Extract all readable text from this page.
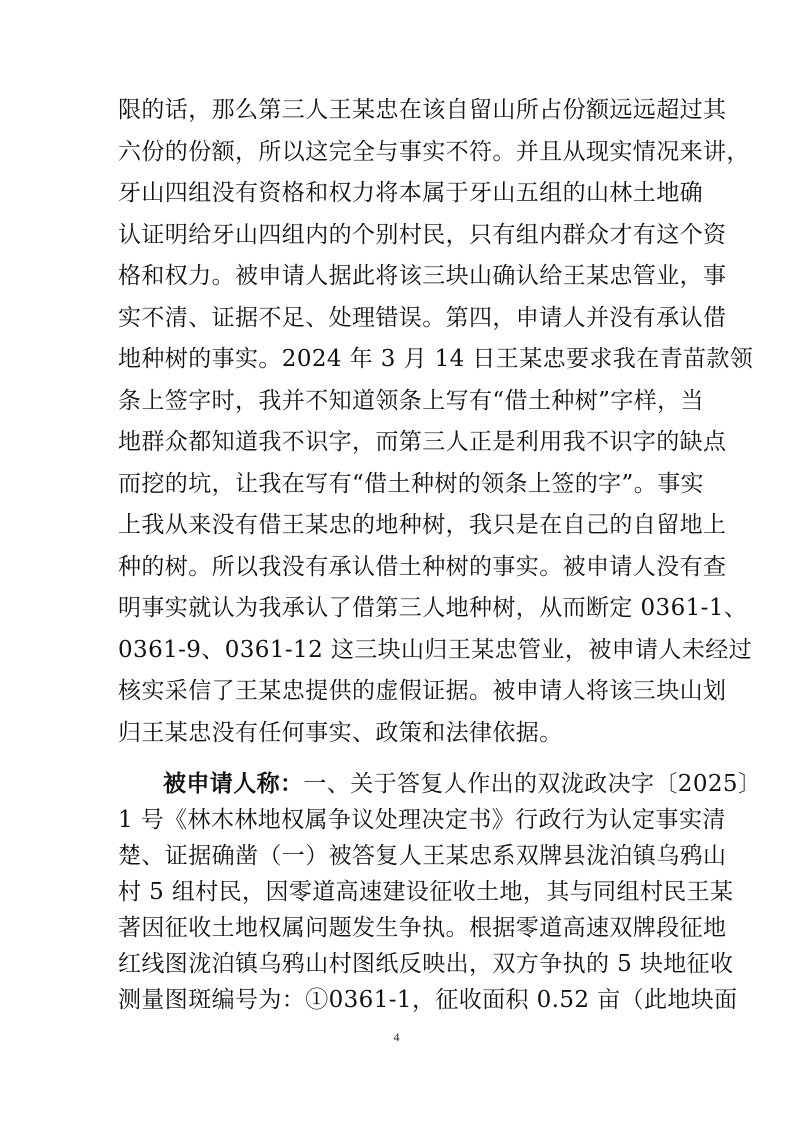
限的话，那么第三人王某忠在该自留山所占份额远远超过其
六份的份额，所以这完全与事实不符。并且从现实情况来讲，
牙山四组没有资格和权力将本属于牙山五组的山林土地确
认证明给牙山四组内的个别村民，只有组内群众才有这个资
格和权力。被申请人据此将该三块山确认给王某忠管业，事
实不清、证据不足、处理错误。第四，申请人并没有承认借
地种树的事实。2024 年 3 月 14 日王某忠要求我在青苗款领
条上签字时，我并不知道领条上写有“借土种树”字样，当
地群众都知道我不识字，而第三人正是利用我不识字的缺点
而挖的坑，让我在写有“借土种树的领条上签的字”。事实
上我从来没有借王某忠的地种树，我只是在自己的自留地上
种的树。所以我没有承认借土种树的事实。被申请人没有查
明事实就认为我承认了借第三人地种树，从而断定 0361-1、
0361-9、0361-12 这三块山归王某忠管业，被申请人未经过
核实采信了王某忠提供的虚假证据。被申请人将该三块山划
归王某忠没有任何事实、政策和法律依据。
被申请人称：一、关于答复人作出的双泷政决字〔2025〕
1 号《林木林地权属争议处理决定书》行政行为认定事实清
楚、证据确凿（一）被答复人王某忠系双牌县泷泊镇乌鸦山
村 5 组村民，因零道高速建设征收土地，其与同组村民王某
著因征收土地权属问题发生争执。根据零道高速双牌段征地
4
红线图泷泊镇乌鸦山村图纸反映出，双方争执的 5 块地征收
测量图斑编号为：①0361-1，征收面积 0.52 亩（此地块面
